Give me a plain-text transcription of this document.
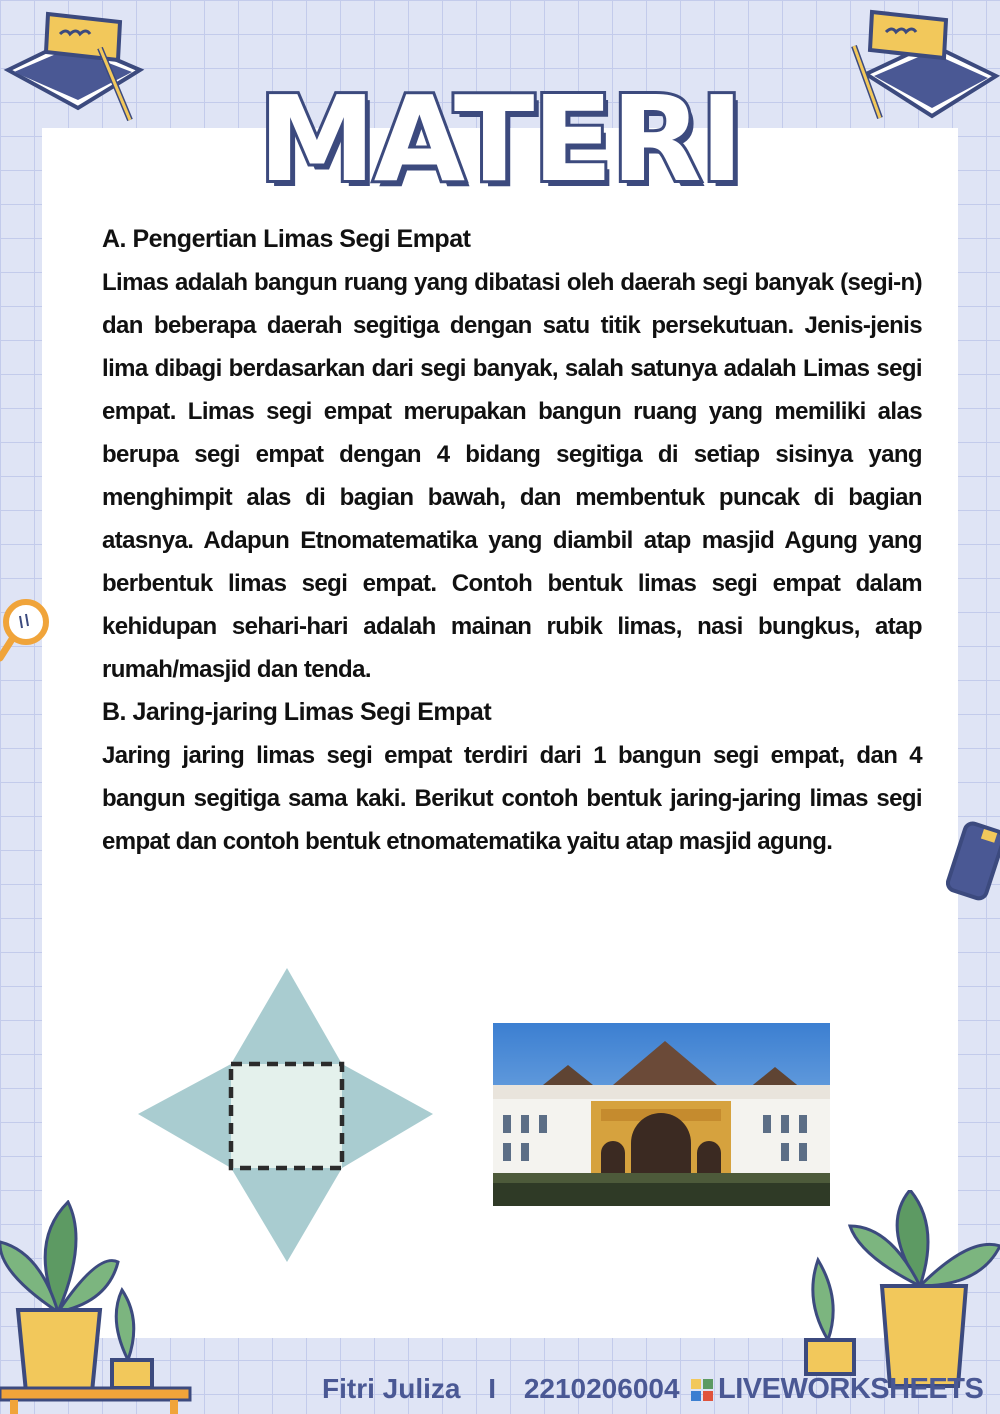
MATERI
A. Pengertian Limas Segi Empat

Limas adalah bangun ruang yang dibatasi oleh daerah segi banyak (segi-n) dan beberapa daerah segitiga dengan satu titik persekutuan. Jenis-jenis lima dibagi berdasarkan dari segi banyak, salah satunya adalah Limas segi empat. Limas segi empat merupakan bangun ruang yang memiliki alas berupa segi empat dengan 4 bidang segitiga di setiap sisinya yang menghimpit alas di bagian bawah, dan membentuk puncak di bagian atasnya. Adapun Etnomatematika yang diambil atap masjid Agung yang berbentuk limas segi empat. Contoh bentuk limas segi empat dalam kehidupan sehari-hari adalah mainan rubik limas, nasi bungkus, atap rumah/masjid dan tenda.

B. Jaring-jaring Limas Segi Empat

Jaring jaring limas segi empat terdiri dari 1 bangun segi empat, dan 4 bangun segitiga sama kaki. Berikut contoh bentuk jaring-jaring limas segi empat dan contoh bentuk etnomatematika yaitu atap masjid agung.

Fitri Juliza I 2210206004	LIVEWORKSHEETS
